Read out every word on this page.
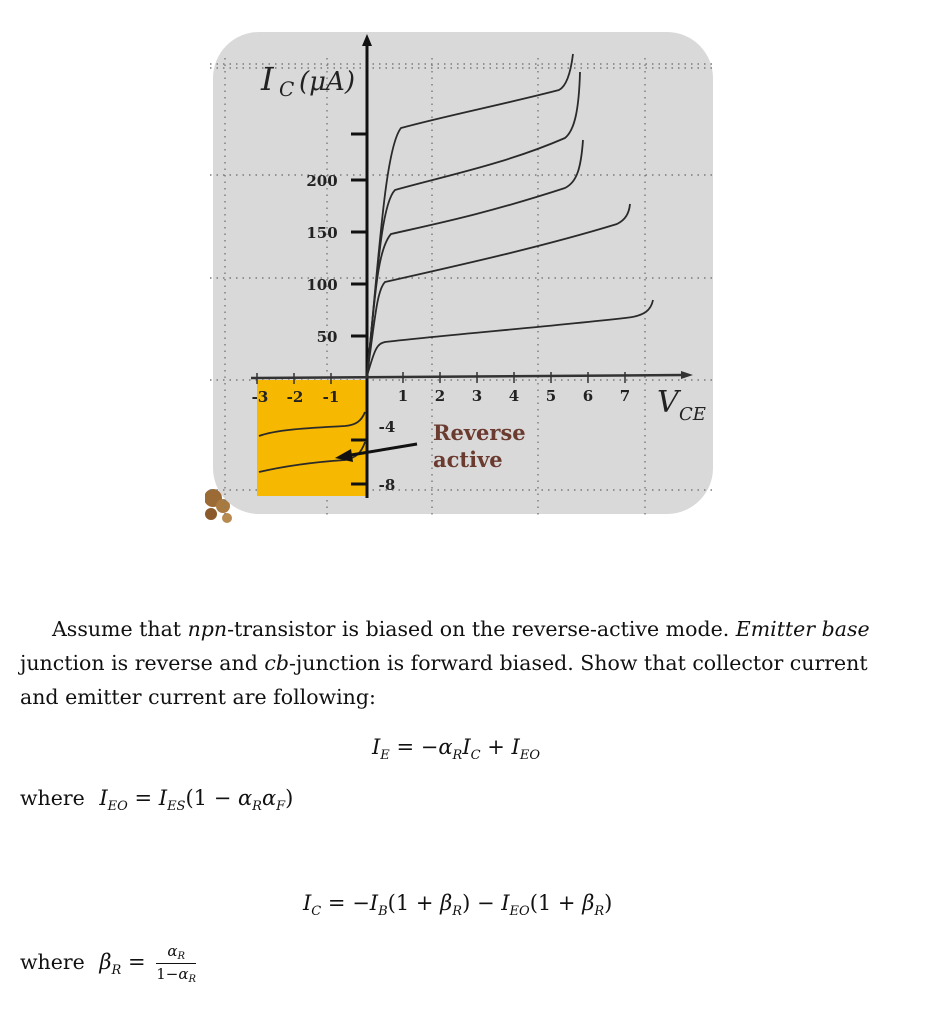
200
150
100
50
-4
-8
-3 -2 -1	1 2 3 4 5 6 7
I C (μA)
V CE
Reverse
active
Assume that npn-transistor is biased on the reverse-active mode. Emitter base junction is reverse and cb-junction is forward biased. Show that collector current and emitter current are following:
$I_E = -\alpha_RI_C + I_{EO}$
where $I_{EO} = I_{ES}(1 - \alpha_R\alpha_F)$
$I_C = -I_B(1 + \beta_R) - I_{EO}(1 + \beta_R)$
where $\beta_R = \frac{\alpha_R}{1-\alpha_R}$
